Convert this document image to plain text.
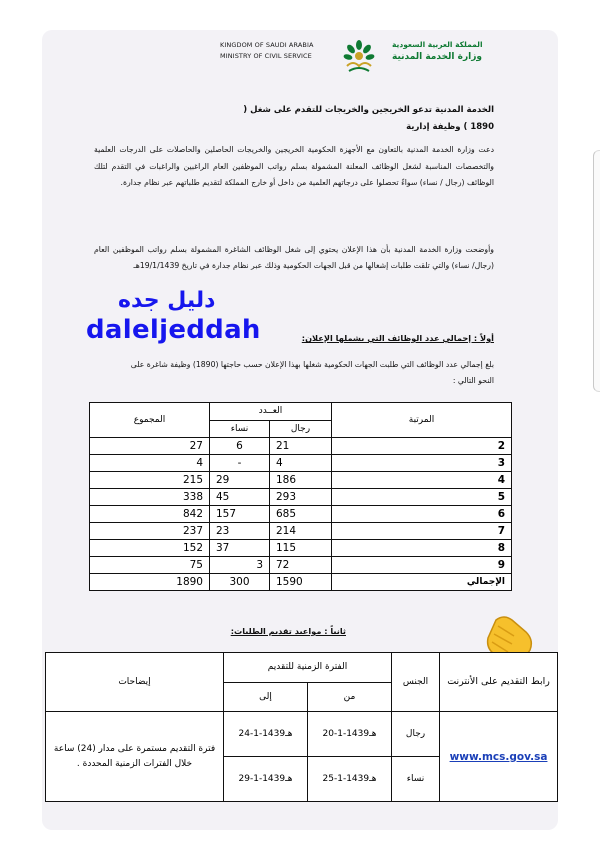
KINGDOM OF SAUDI ARABIA
MINISTRY OF CIVIL SERVICE
المملكة العربية السعودية
وزارة الخدمة المدنية
الخدمة المدنية تدعو الخريجين والخريجات للتقدم على شغل (
1890 ) وظيفة إدارية
دعت وزارة الخدمة المدنية بالتعاون مع الأجهزة الحكومية الخريجين والخريجات الحاصلين والحاصلات على الدرجات العلمية والتخصصات المناسبة لشغل الوظائف المعلنة المشمولة بسلم رواتب الموظفين العام الراغبين والراغبات في التقدم لتلك الوظائف (رجال / نساء) سواءً تحصلوا على درجاتهم العلمية من داخل أو خارج المملكة لتقديم طلباتهم عبر نظام جدارة.
وأوضحت وزارة الخدمة المدنية بأن هذا الإعلان يحتوي إلى شغل الوظائف الشاغرة المشمولة بسلم رواتب الموظفين العام (رجال/ نساء) والتي تلقت طلبات إشغالها من قبل الجهات الحكومية وذلك عبر نظام جدارة في تاريخ 19/1/1439هـ
دليل جده
daleljeddah	أولاً : إجمالي عدد الوظائف التي يشملها الإعلان:
بلغ إجمالي عدد الوظائف التي طلبت الجهات الحكومية شغلها بهذا الإعلان حسب حاجتها (1890) وظيفة شاغرة على النحو التالي :
المجموع	العــدد		المرتبة
	نساء	رجال	
27	6	21	2
4	-	4	3
215	29	186	4
338	45	293	5
842	157	685	6
237	23	214	7
152	37	115	8
75	3	72	9
1890	300	1590	الإجمالي
ثانياً : مواعيد تقديم الطلبات:
رابط التقديم على الأنترنت	الجنس	الفترة الزمنية للتقديم		إيضاحات
		من	إلى	
www.mcs.gov.sa	رجال	20-1-1439هـ	24-1-1439هـ	فترة التقديم مستمرة على مدار (24) ساعة خلال الفترات الزمنية المحددة .
	نساء	25-1-1439هـ	29-1-1439هـ	
